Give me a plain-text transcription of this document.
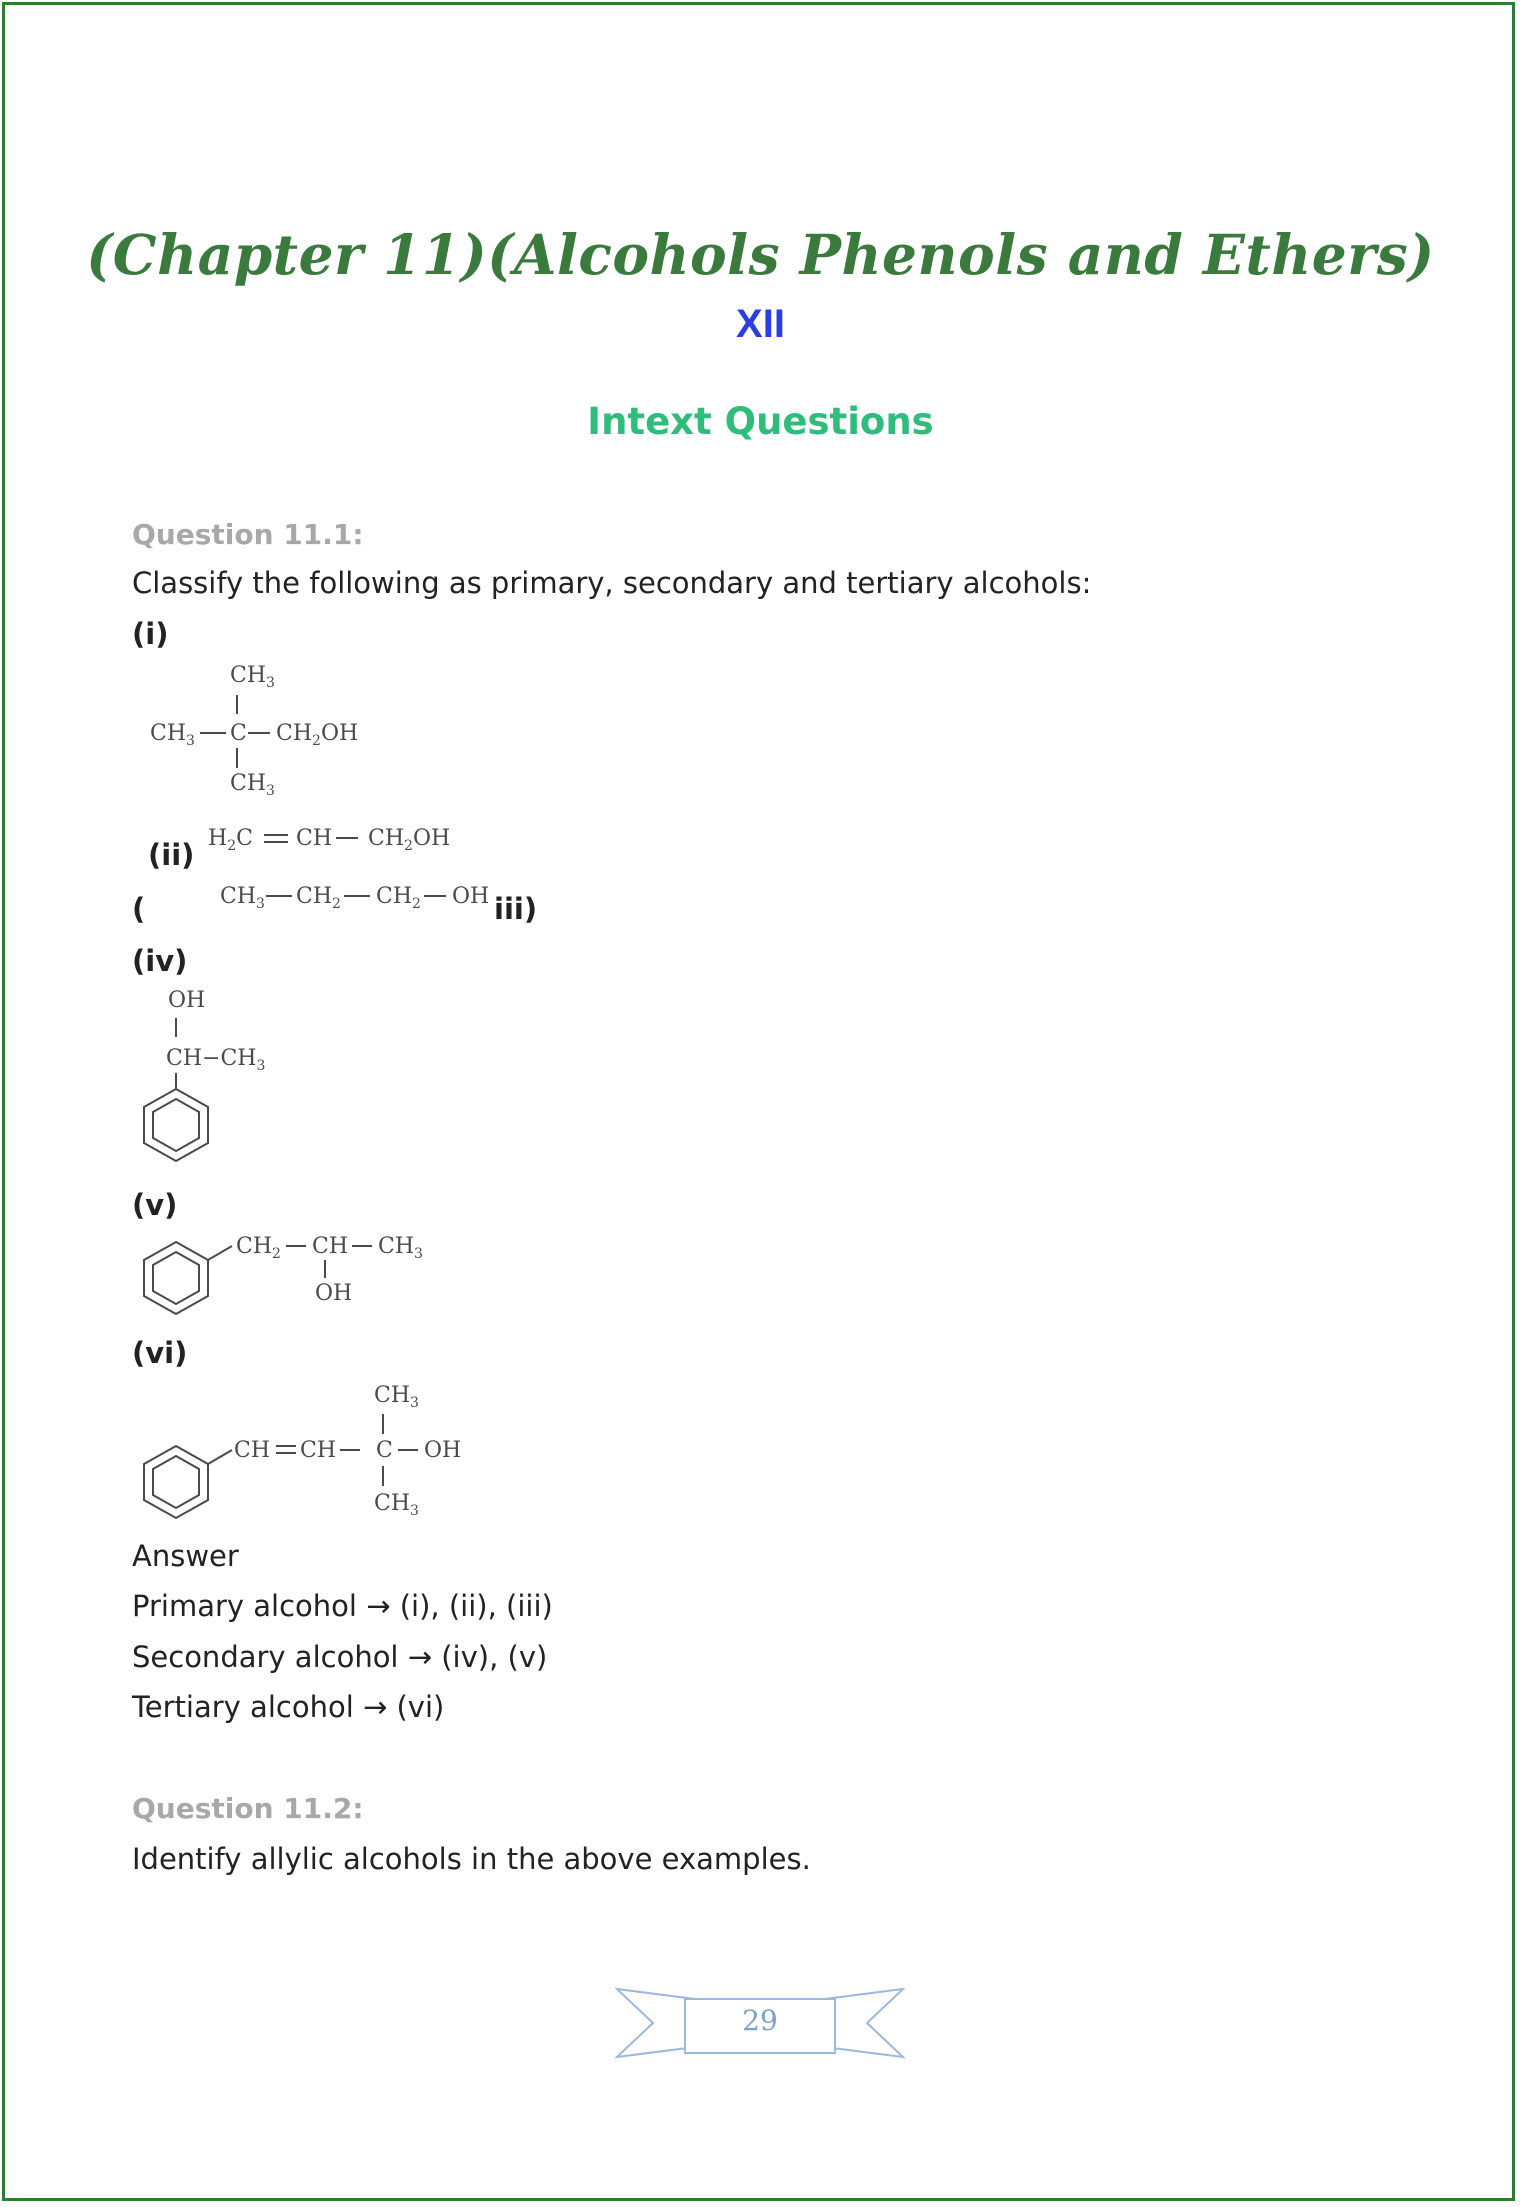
(Chapter 11)(Alcohols Phenols and Ethers)
XII
Intext Questions
Question 11.1:
Classify the following as primary, secondary and tertiary alcohols:
(i)
$CH_3$
$CH_3$ C $CH_2OH$
$CH_3$
(ii) $H_2C$ CH $CH_2OH$
(	$CH_3$ $CH_2$ $CH_2$ OH iii)
(iv)
OH
$CH-CH_3$
(v)
$CH_2$ CH $CH_3$
OH
(vi)
CH CH C OH
$CH_3$
$CH_3$
Answer
Primary alcohol → (i), (ii), (iii)
Secondary alcohol → (iv), (v)
Tertiary alcohol → (vi)
Question 11.2:
Identify allylic alcohols in the above examples.
29
